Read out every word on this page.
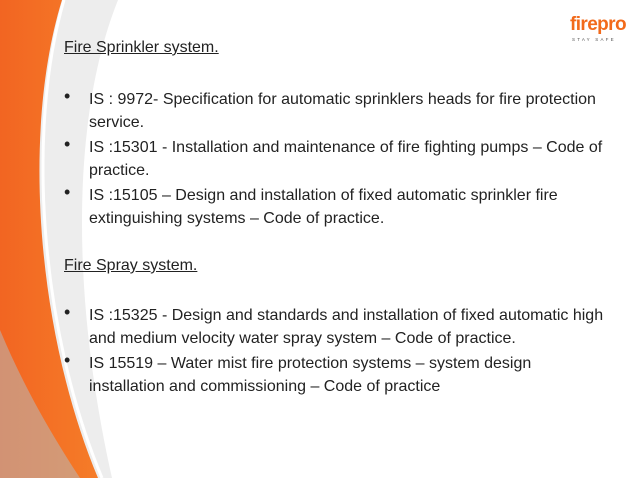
firepro
STAY SAFE

Fire Sprinkler system.

• IS : 9972- Specification for automatic sprinklers heads for fire protection service.
• IS :15301 - Installation and maintenance of fire fighting pumps – Code of practice.
• IS :15105 – Design and installation of fixed automatic sprinkler fire extinguishing systems – Code of practice.

Fire Spray system.

• IS :15325 - Design and standards and installation of fixed automatic high and medium velocity water spray system – Code of practice.
• IS 15519 – Water mist fire protection systems – system design installation and commissioning – Code of practice
